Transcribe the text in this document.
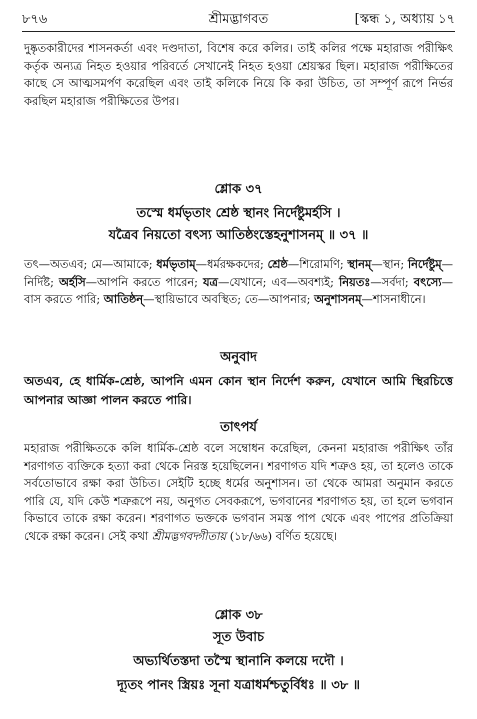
৮৭৬	শ্রীমদ্ভাগবত	[স্কন্ধ ১, অধ্যায় ১৭
দুষ্কৃতকারীদের শাসনকর্তা এবং দণ্ডদাতা, বিশেষ করে কলির। তাই কলির পক্ষে মহারাজ পরীক্ষিৎ কর্তৃক অন্যত্র নিহত হওয়ার পরিবর্তে সেখানেই নিহত হওয়া শ্রেয়স্কর ছিল। মহারাজ পরীক্ষিতের কাছে সে আত্মসমর্পণ করেছিল এবং তাই কলিকে নিয়ে কি করা উচিত, তা সম্পূর্ণ রূপে নির্ভর করছিল মহারাজ পরীক্ষিতের উপর।
শ্লোক ৩৭
তস্মে ধর্মভৃতাং শ্রেষ্ঠ স্থানং নির্দেষ্টুমর্হসি ।
যত্রৈব নিয়তো বৎস্য আতিষ্ঠংস্তেহনুশাসনম্ ॥ ৩৭ ॥
তৎ—অতএব; মে—আমাকে; ধর্মভৃতাম্—ধর্মরক্ষকদের; শ্রেষ্ঠ—শিরোমণি; স্থানম্—স্থান; নির্দেষ্টুম্—নির্দিষ্ট; অর্হসি—আপনি করতে পারেন; যত্র—যেখানে; এব—অবশ্যই; নিয়তঃ—সর্বদা; বৎস্যে—বাস করতে পারি; আতিষ্ঠন্—স্থায়িভাবে অবস্থিত; তে—আপনার; অনুশাসনম্—শাসনাধীনে।
অনুবাদ
অতএব, হে ধার্মিক-শ্রেষ্ঠ, আপনি এমন কোন স্থান নির্দেশ করুন, যেখানে আমি স্থিরচিত্তে আপনার আজ্ঞা পালন করতে পারি।
তাৎপর্য
মহারাজ পরীক্ষিতকে কলি ধার্মিক-শ্রেষ্ঠ বলে সম্বোধন করেছিল, কেননা মহারাজ পরীক্ষিৎ তাঁর শরণাগত ব্যক্তিকে হত্যা করা থেকে নিরস্ত হয়েছিলেন। শরণাগত যদি শত্রুও হয়, তা হলেও তাকে সর্বতোভাবে রক্ষা করা উচিত। সেইটি হচ্ছে ধর্মের অনুশাসন। তা থেকে আমরা অনুমান করতে পারি যে, যদি কেউ শত্রুরূপে নয়, অনুগত সেবকরূপে, ভগবানের শরণাগত হয়, তা হলে ভগবান কিভাবে তাকে রক্ষা করেন। শরণাগত ভক্তকে ভগবান সমস্ত পাপ থেকে এবং পাপের প্রতিক্রিয়া থেকে রক্ষা করেন। সেই কথা শ্রীমদ্ভগবদ্গীতায় (১৮/৬৬) বর্ণিত হয়েছে।
শ্লোক ৩৮
সূত উবাচ
অভ্যর্থিতস্তদা তস্মৈ স্থানানি কলয়ে দদৌ ।
দ্যূতং পানং স্ত্রিয়ঃ সূনা যত্রাধর্মশ্চতুর্বিধঃ ॥ ৩৮ ॥
